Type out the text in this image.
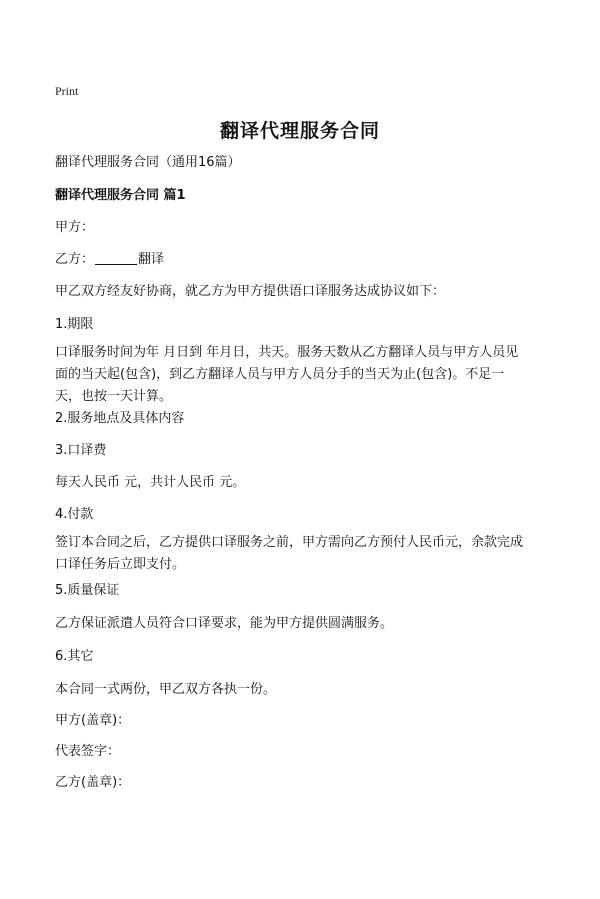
Print
翻译代理服务合同
翻译代理服务合同（通用16篇）
翻译代理服务合同 篇1
甲方：
乙方：	翻译
甲乙双方经友好协商，就乙方为甲方提供语口译服务达成协议如下：
1.期限
口译服务时间为年 月日到 年月日，共天。服务天数从乙方翻译人员与甲方人员见面的当天起(包含)，到乙方翻译人员与甲方人员分手的当天为止(包含)。不足一天，也按一天计算。
2.服务地点及具体内容
3.口译费
每天人民币 元，共计人民币 元。
4.付款
签订本合同之后，乙方提供口译服务之前，甲方需向乙方预付人民币元，余款完成口译任务后立即支付。
5.质量保证
乙方保证派遣人员符合口译要求，能为甲方提供圆满服务。
6.其它
本合同一式两份，甲乙双方各执一份。
甲方(盖章)：
代表签字：
乙方(盖章)：
